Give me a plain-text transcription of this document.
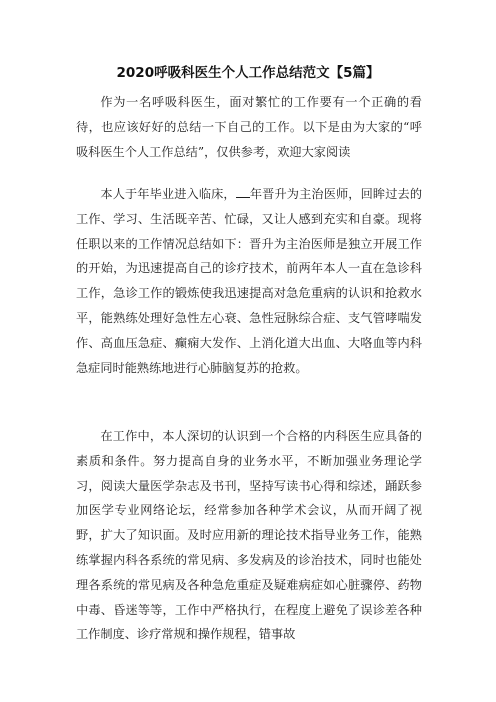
2020呼吸科医生个人工作总结范文【5篇】

作为一名呼吸科医生，面对繁忙的工作要有一个正确的看待，也应该好好的总结一下自己的工作。以下是由为大家的“呼吸科医生个人工作总结”，仅供参考，欢迎大家阅读

本人于年毕业进入临床， 年晋升为主治医师，回眸过去的工作、学习、生活既辛苦、忙碌，又让人感到充实和自豪。现将任职以来的工作情况总结如下：晋升为主治医师是独立开展工作的开始，为迅速提高自己的诊疗技术，前两年本人一直在急诊科工作，急诊工作的锻炼使我迅速提高对急危重病的认识和抢救水平，能熟练处理好急性左心衰、急性冠脉综合症、支气管哮喘发作、高血压急症、癫痫大发作、上消化道大出血、大咯血等内科急症同时能熟练地进行心肺脑复苏的抢救。

在工作中，本人深切的认识到一个合格的内科医生应具备的素质和条件。努力提高自身的业务水平，不断加强业务理论学习，阅读大量医学杂志及书刊，坚持写读书心得和综述，踊跃参加医学专业网络论坛，经常参加各种学术会议，从而开阔了视野，扩大了知识面。及时应用新的理论技术指导业务工作，能熟练掌握内科各系统的常见病、多发病及的诊治技术，同时也能处理各系统的常见病及各种急危重症及疑难病症如心脏骤停、药物中毒、昏迷等等，工作中严格执行，在程度上避免了误诊差各种工作制度、诊疗常规和操作规程，错事故
